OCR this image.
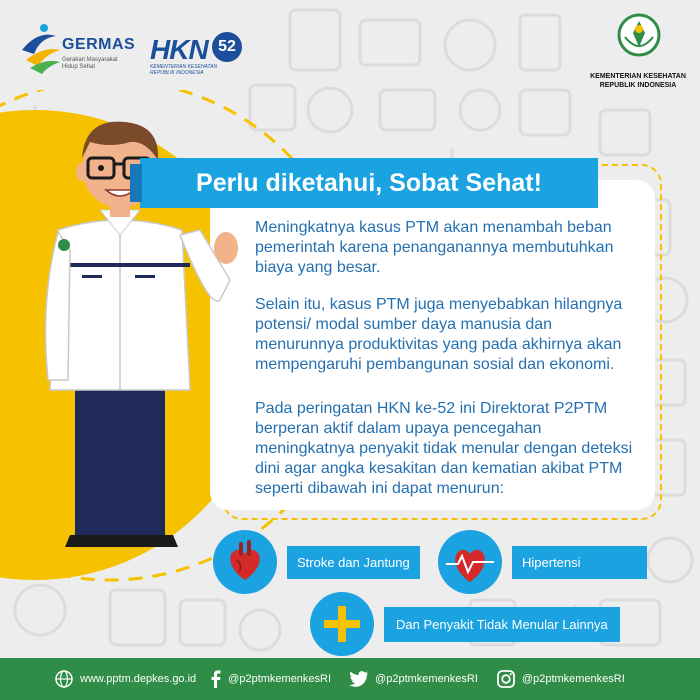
GERMAS
Gerakan Masyarakat Hidup Sehat
HKN 52
KEMENTERIAN KESEHATAN REPUBLIK INDONESIA	KEMENTERIAN KESEHATAN REPUBLIK INDONESIA
Perlu diketahui, Sobat Sehat!
Meningkatnya kasus PTM akan menambah beban pemerintah karena penanganannya membutuhkan biaya yang besar.
Selain itu, kasus PTM juga menyebabkan hilangnya potensi/ modal sumber daya manusia dan menurunnya produktivitas yang pada akhirnya akan mempengaruhi pembangunan sosial dan ekonomi.
Pada peringatan HKN ke-52 ini Direktorat P2PTM berperan aktif dalam upaya pencegahan meningkatnya penyakit tidak menular dengan deteksi dini agar angka kesakitan dan kematian akibat PTM seperti dibawah ini dapat menurun:
Stroke dan Jantung	Hipertensi
Dan Penyakit Tidak Menular Lainnya
www.pptm.depkes.go.id	@p2ptmkemenkesRI	@p2ptmkemenkesRI	@p2ptmkemenkesRI
